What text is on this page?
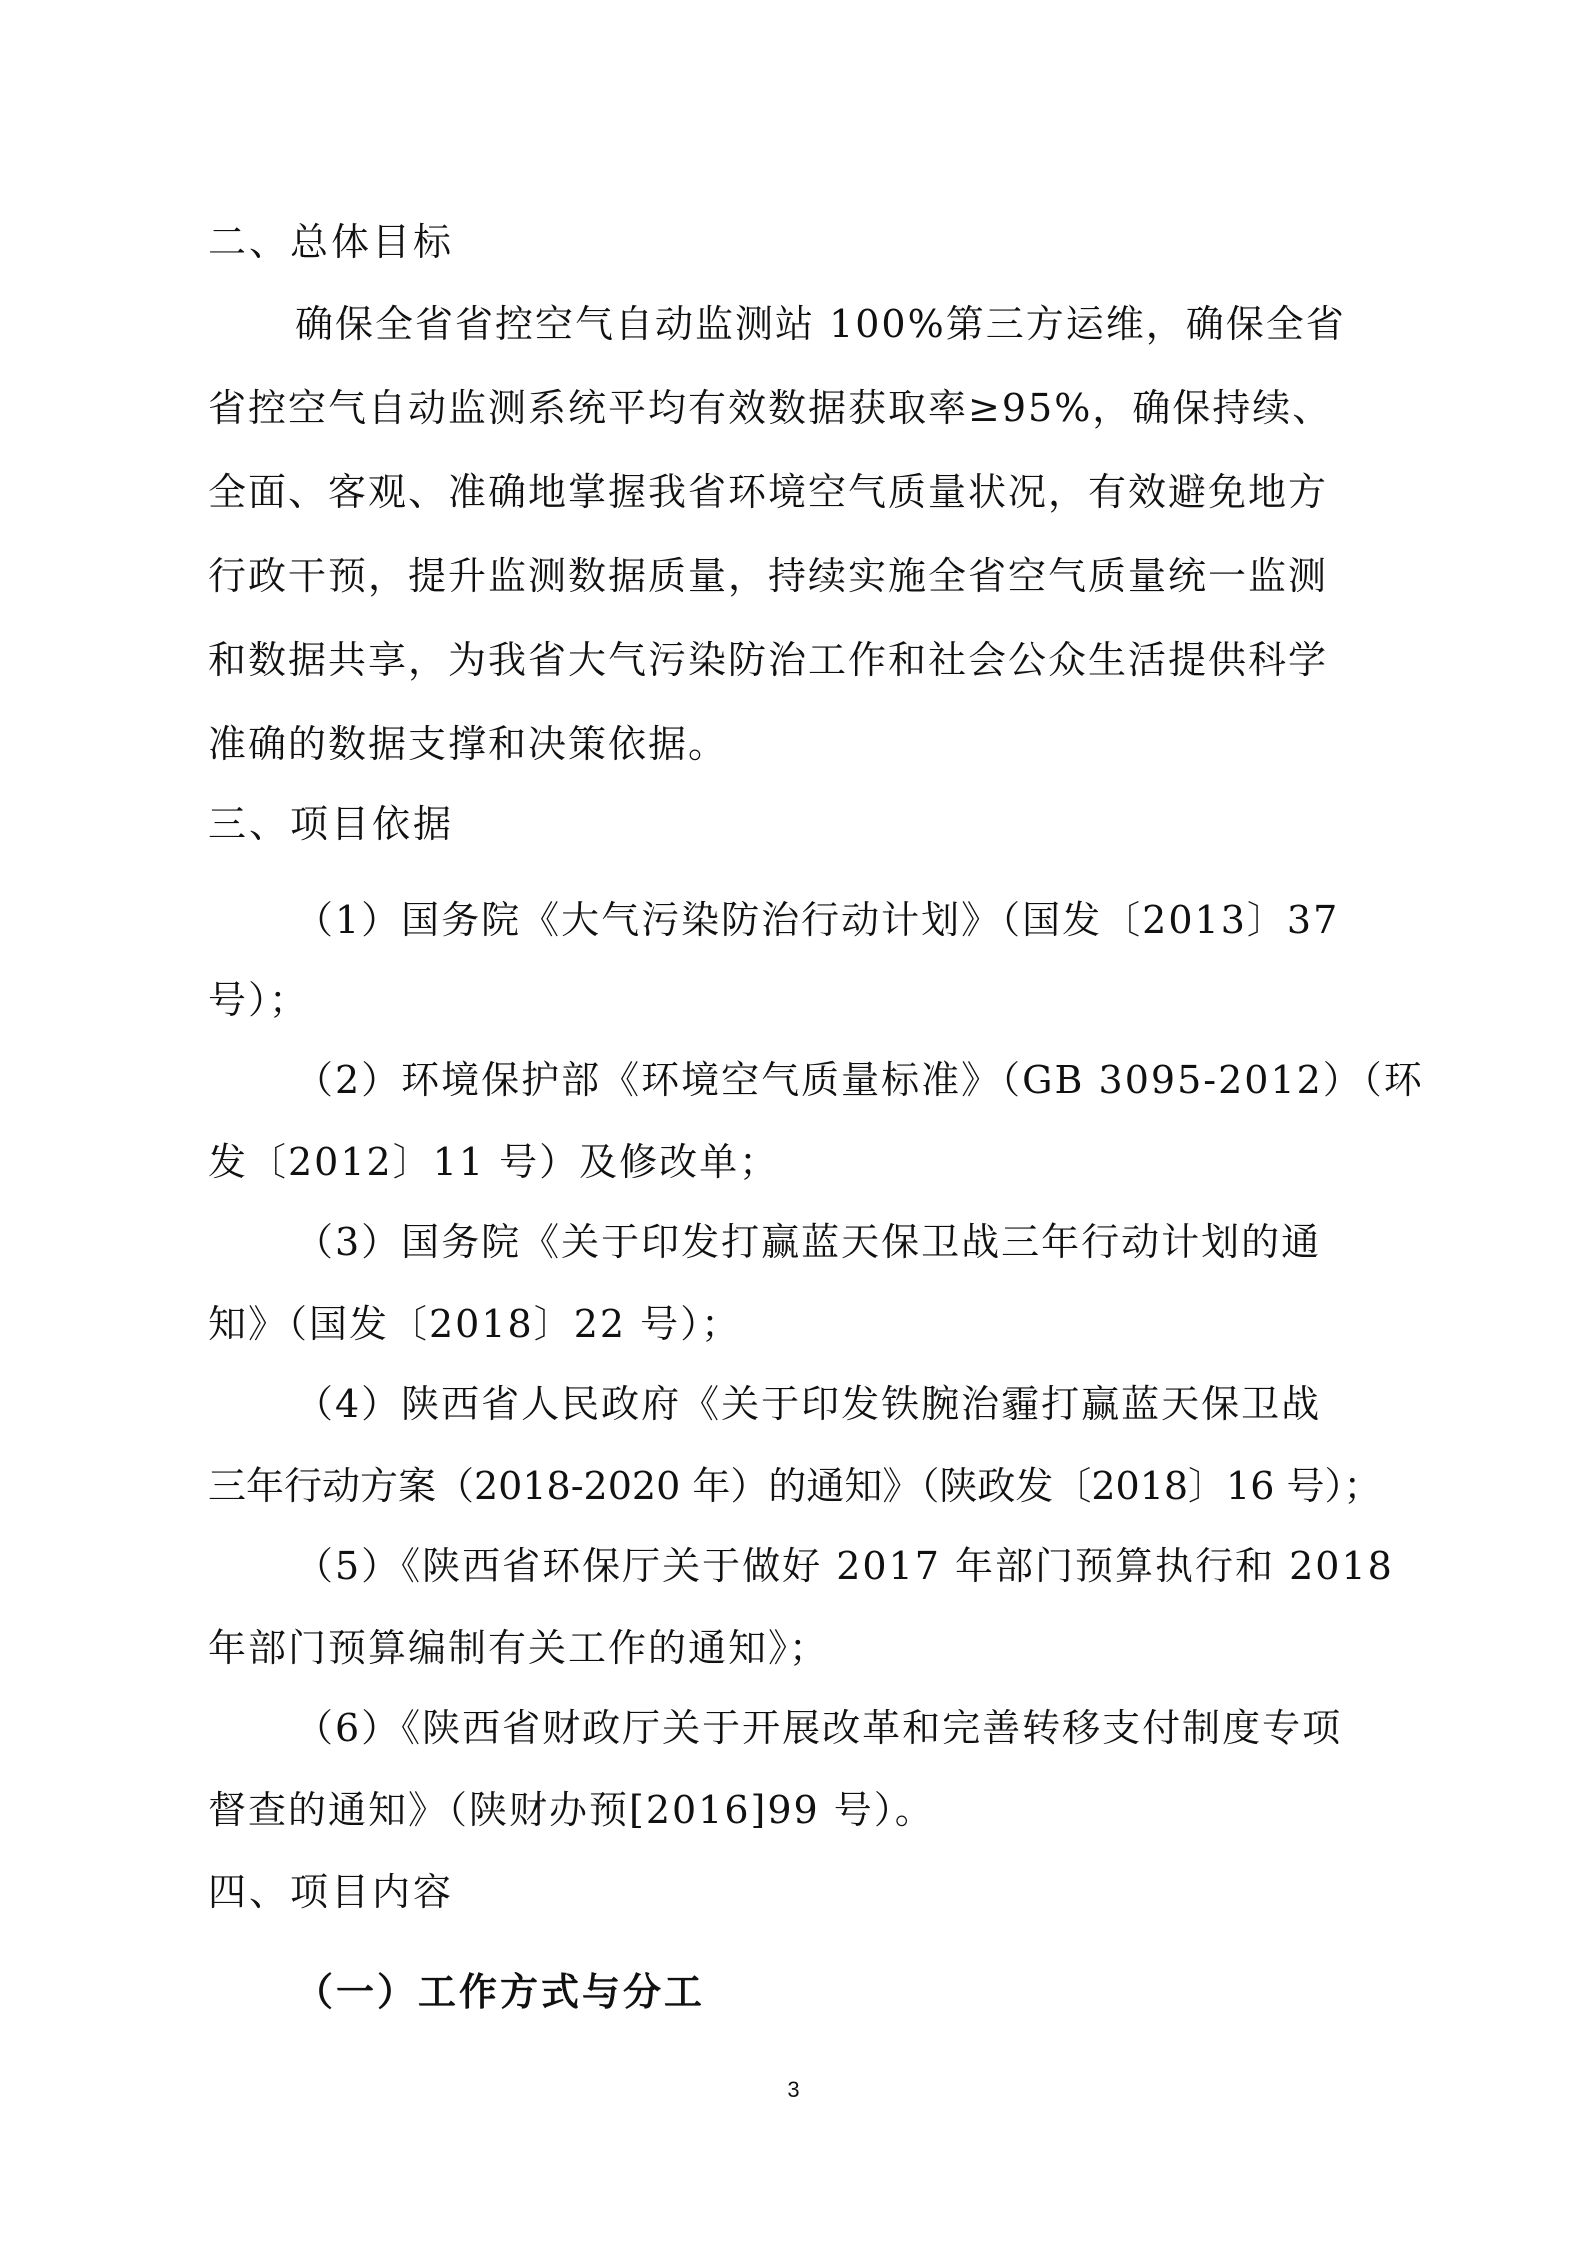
二、总体目标
确保全省省控空气自动监测站 100%第三方运维，确保全省
省控空气自动监测系统平均有效数据获取率≥95%，确保持续、
全面、客观、准确地掌握我省环境空气质量状况，有效避免地方
行政干预，提升监测数据质量，持续实施全省空气质量统一监测
和数据共享，为我省大气污染防治工作和社会公众生活提供科学
准确的数据支撑和决策依据。
三、项目依据
（1）国务院《大气污染防治行动计划》（国发〔2013〕37
号）；
（2）环境保护部《环境空气质量标准》（GB 3095-2012）（环
发〔2012〕11 号）及修改单；
（3）国务院《关于印发打赢蓝天保卫战三年行动计划的通
知》（国发〔2018〕22 号）；
（4）陕西省人民政府《关于印发铁腕治霾打赢蓝天保卫战
三年行动方案（2018-2020 年）的通知》（陕政发〔2018〕16 号）；
（5）《陕西省环保厅关于做好 2017 年部门预算执行和 2018
年部门预算编制有关工作的通知》；
（6）《陕西省财政厅关于开展改革和完善转移支付制度专项
督查的通知》（陕财办预[2016]99 号）。
四、项目内容
（一）工作方式与分工
3
